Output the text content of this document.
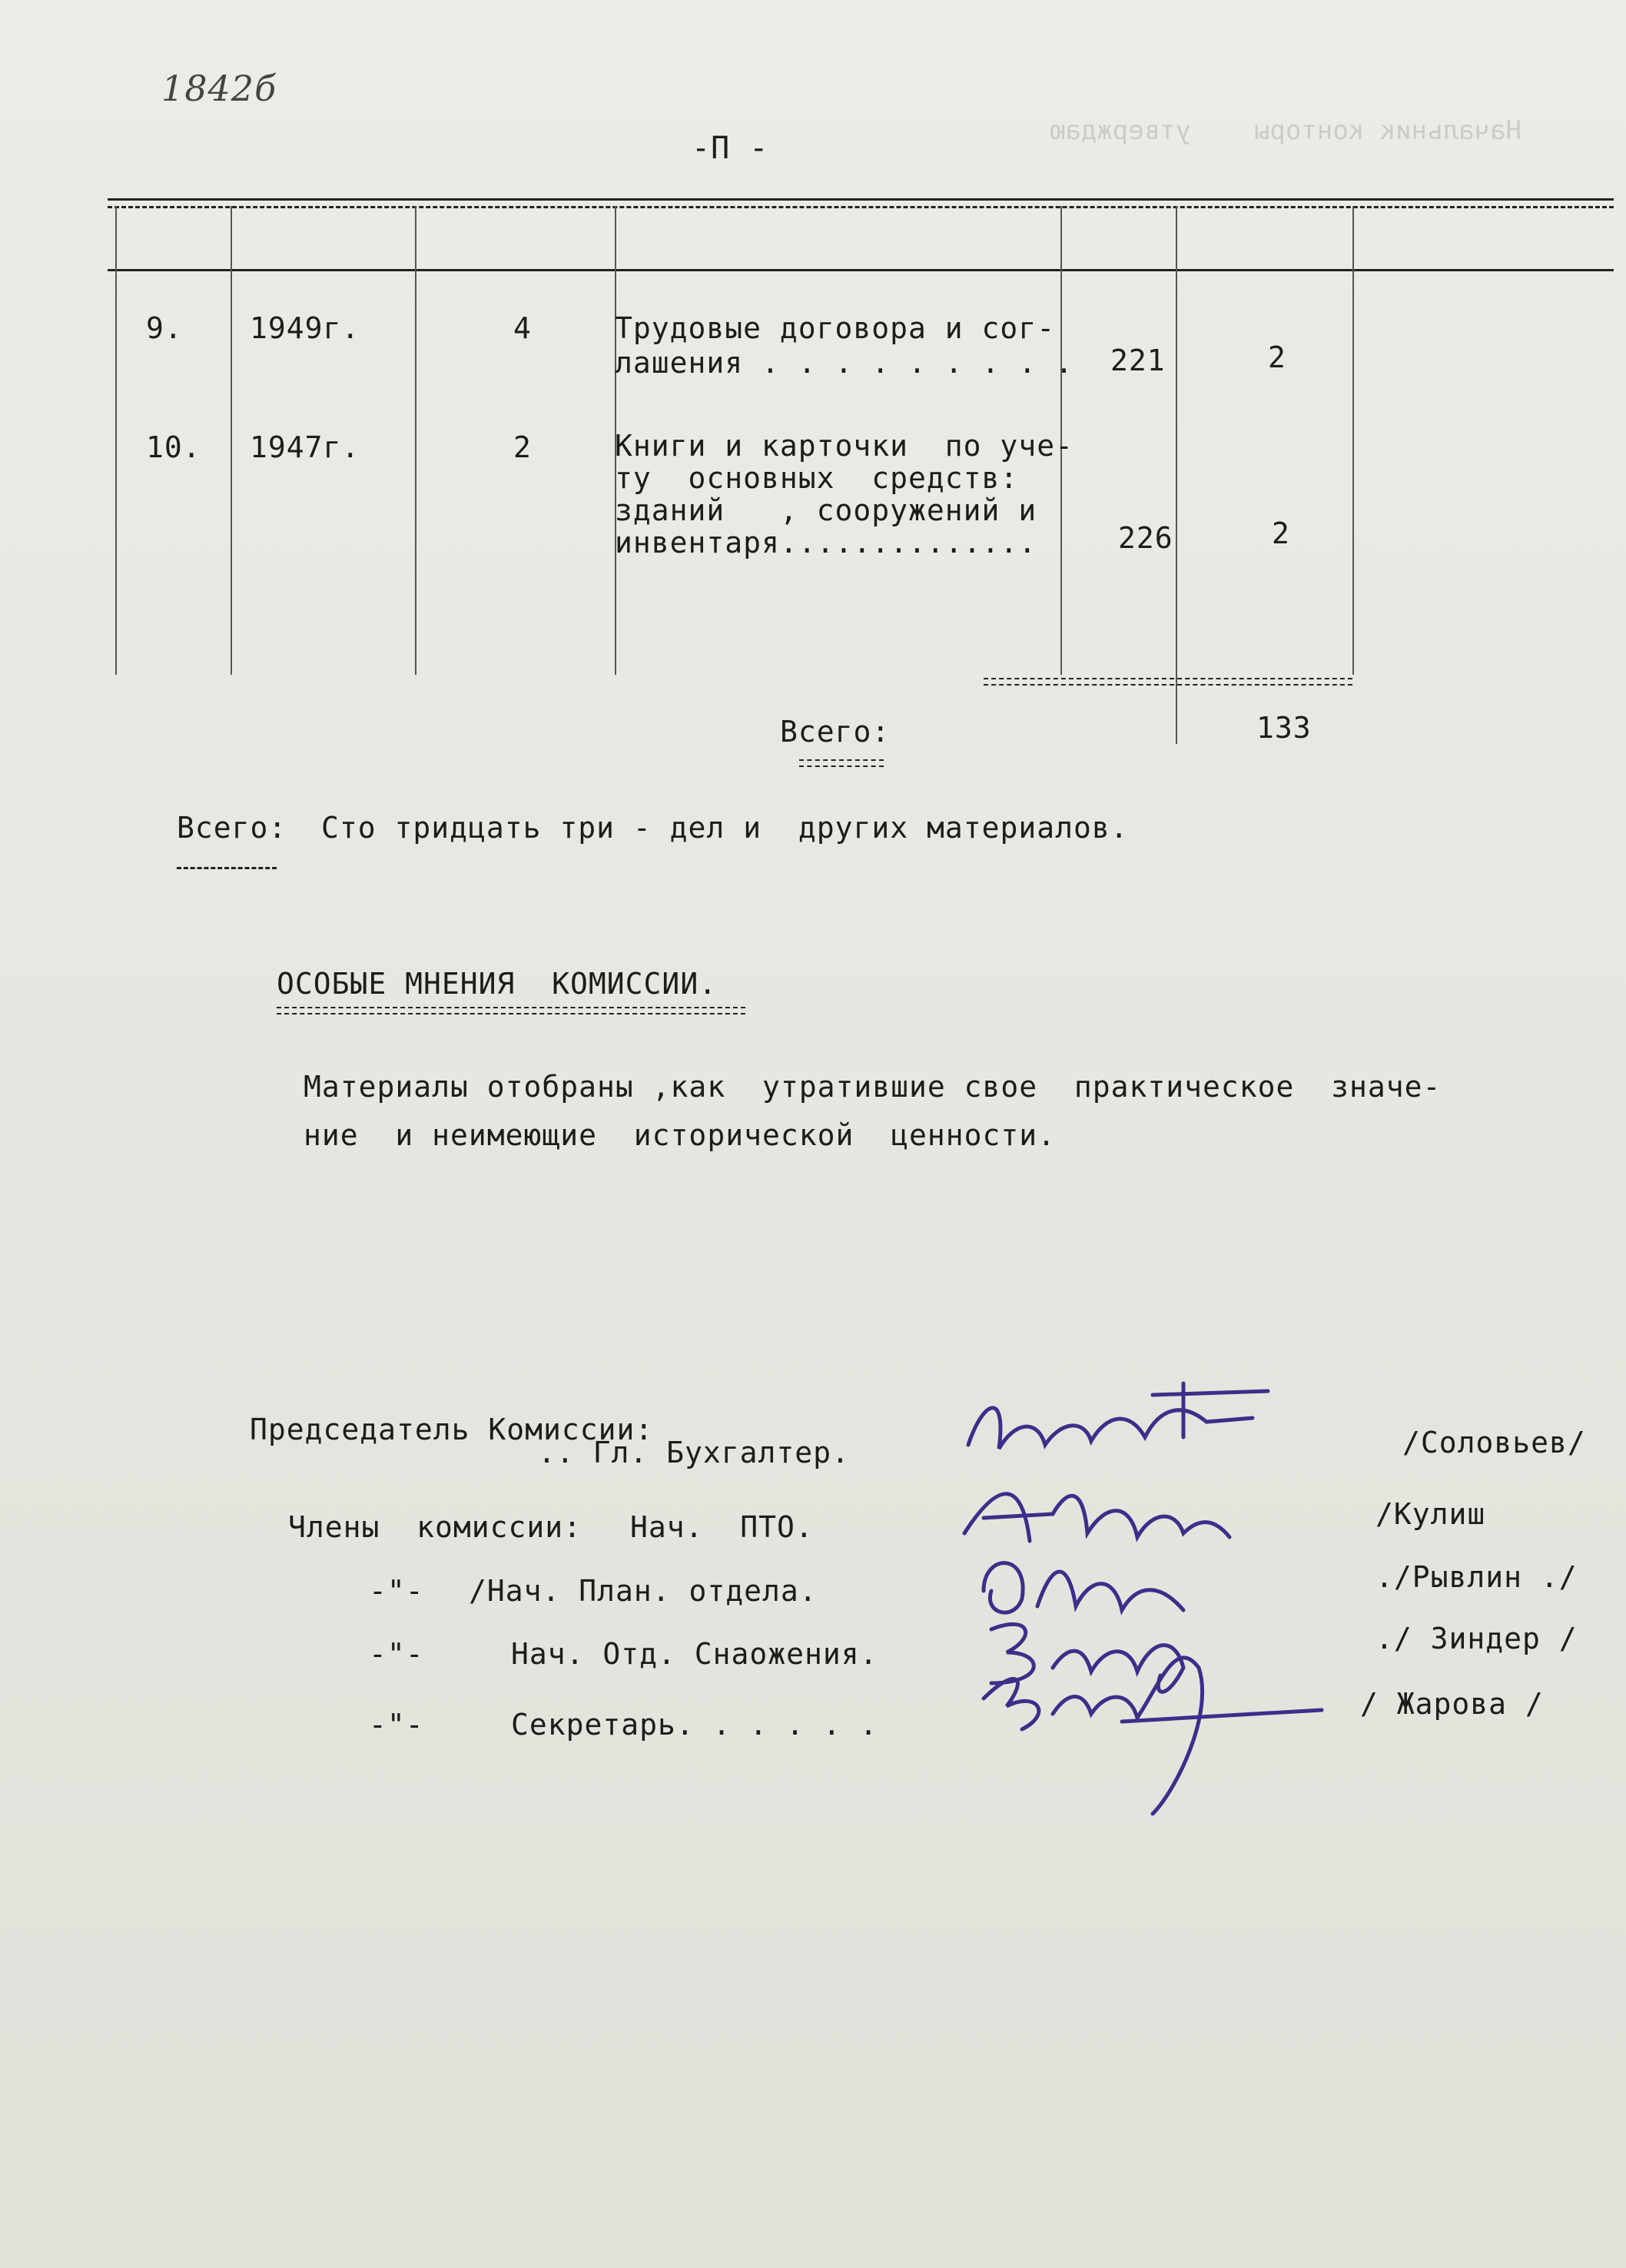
Начальник конторы    утверждаю
1842б
-П -
9. 1949г.	4	Трудовые договора и сог-
лашения . . . . . . . . . 221	2
10. 1947г.	2	Книги и карточки  по уче-
ту  основных  средств:
зданий   , сооружений и
инвентаря..............	226	2
Всего:	133
Всего: Сто тридцать три - дел и  других материалов.
ОСОБЫЕ МНЕНИЯ  КОМИССИИ.
Материалы отобраны ,как  утратившие свое  практическое  значе-
ние  и неимеющие  исторической  ценности.
Председатель Комиссии:
.. Гл. Бухгалтер.	/Соловьев/
Члены  комиссии: Нач.  ПТО.	/Кулиш
-"- /Нач. План. отдела.	./Рывлин ./
-"-	Нач. Отд. Снаожения.	./ Зиндер /
-"-	Секретарь. . . . . .
/ Жарова /
